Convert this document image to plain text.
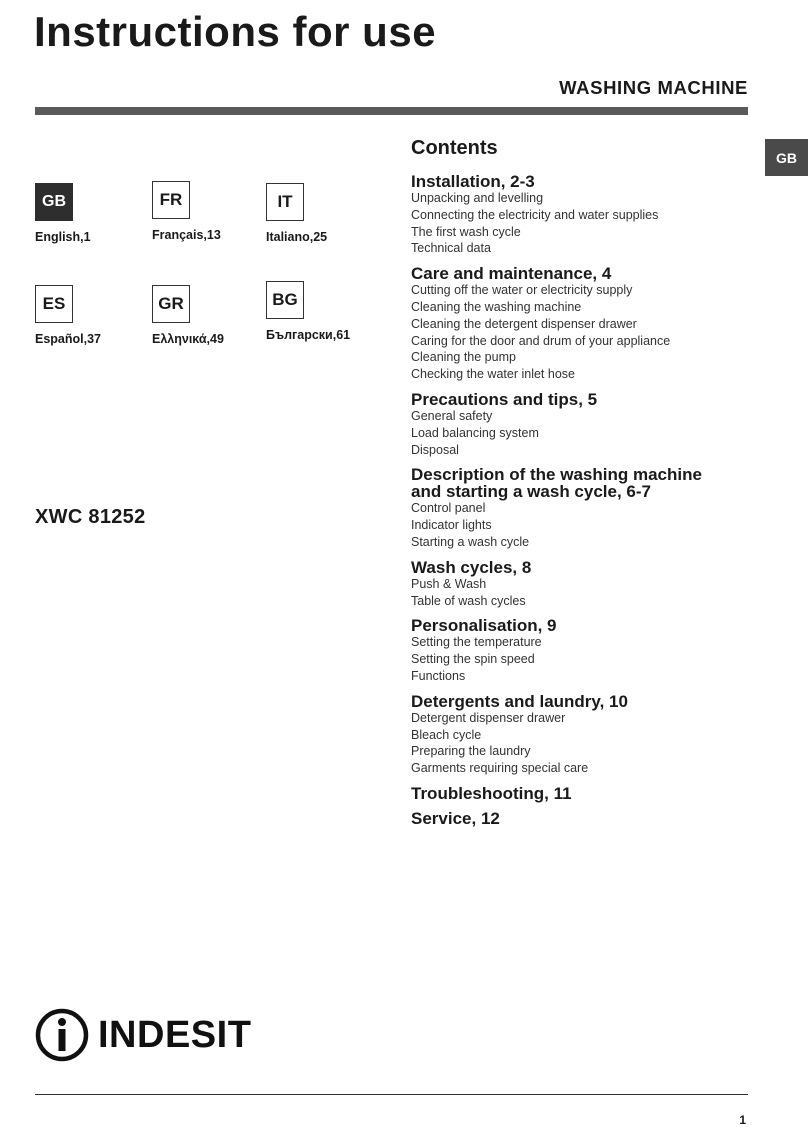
Instructions for use
WASHING MACHINE
GB
GB
English,1
FR
Français,13
IT
Italiano,25
ES
Español,37
GR
Ελληνικά,49
BG
Български,61
XWC 81252
Contents
Installation, 2-3
Unpacking and levelling
Connecting the electricity and water supplies
The first wash cycle
Technical data
Care and maintenance, 4
Cutting off the water or electricity supply
Cleaning the washing machine
Cleaning the detergent dispenser drawer
Caring for the door and drum of your appliance
Cleaning the pump
Checking the water inlet hose
Precautions and tips, 5
General safety
Load balancing system
Disposal
Description of the washing machine
and starting a wash cycle, 6-7
Control panel
Indicator lights
Starting a wash cycle
Wash cycles, 8
Push & Wash
Table of wash cycles
Personalisation, 9
Setting the temperature
Setting the spin speed
Functions
Detergents and laundry, 10
Detergent dispenser drawer
Bleach cycle
Preparing the laundry
Garments requiring special care
Troubleshooting, 11
Service, 12
INDESIT
1
